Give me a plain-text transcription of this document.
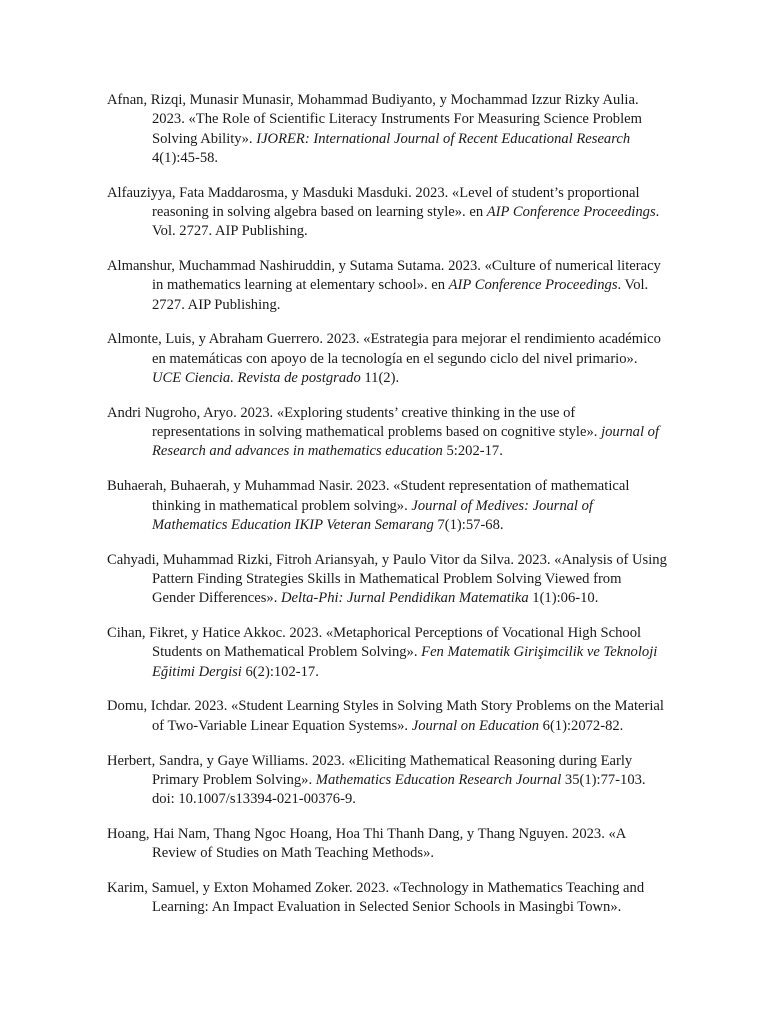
Afnan, Rizqi, Munasir Munasir, Mohammad Budiyanto, y Mochammad Izzur Rizky Aulia. 2023. «The Role of Scientific Literacy Instruments For Measuring Science Problem Solving Ability». IJORER: International Journal of Recent Educational Research 4(1):45-58.

Alfauziyya, Fata Maddarosma, y Masduki Masduki. 2023. «Level of student’s proportional reasoning in solving algebra based on learning style». en AIP Conference Proceedings. Vol. 2727. AIP Publishing.

Almanshur, Muchammad Nashiruddin, y Sutama Sutama. 2023. «Culture of numerical literacy in mathematics learning at elementary school». en AIP Conference Proceedings. Vol. 2727. AIP Publishing.

Almonte, Luis, y Abraham Guerrero. 2023. «Estrategia para mejorar el rendimiento académico en matemáticas con apoyo de la tecnología en el segundo ciclo del nivel primario». UCE Ciencia. Revista de postgrado 11(2).

Andri Nugroho, Aryo. 2023. «Exploring students’ creative thinking in the use of representations in solving mathematical problems based on cognitive style». journal of Research and advances in mathematics education 5:202-17.

Buhaerah, Buhaerah, y Muhammad Nasir. 2023. «Student representation of mathematical thinking in mathematical problem solving». Journal of Medives: Journal of Mathematics Education IKIP Veteran Semarang 7(1):57-68.

Cahyadi, Muhammad Rizki, Fitroh Ariansyah, y Paulo Vitor da Silva. 2023. «Analysis of Using Pattern Finding Strategies Skills in Mathematical Problem Solving Viewed from Gender Differences». Delta-Phi: Jurnal Pendidikan Matematika 1(1):06-10.

Cihan, Fikret, y Hatice Akkoc. 2023. «Metaphorical Perceptions of Vocational High School Students on Mathematical Problem Solving». Fen Matematik Girişimcilik ve Teknoloji Eğitimi Dergisi 6(2):102-17.

Domu, Ichdar. 2023. «Student Learning Styles in Solving Math Story Problems on the Material of Two-Variable Linear Equation Systems». Journal on Education 6(1):2072-82.

Herbert, Sandra, y Gaye Williams. 2023. «Eliciting Mathematical Reasoning during Early Primary Problem Solving». Mathematics Education Research Journal 35(1):77-103. doi: 10.1007/s13394-021-00376-9.

Hoang, Hai Nam, Thang Ngoc Hoang, Hoa Thi Thanh Dang, y Thang Nguyen. 2023. «A Review of Studies on Math Teaching Methods».

Karim, Samuel, y Exton Mohamed Zoker. 2023. «Technology in Mathematics Teaching and Learning: An Impact Evaluation in Selected Senior Schools in Masingbi Town».
